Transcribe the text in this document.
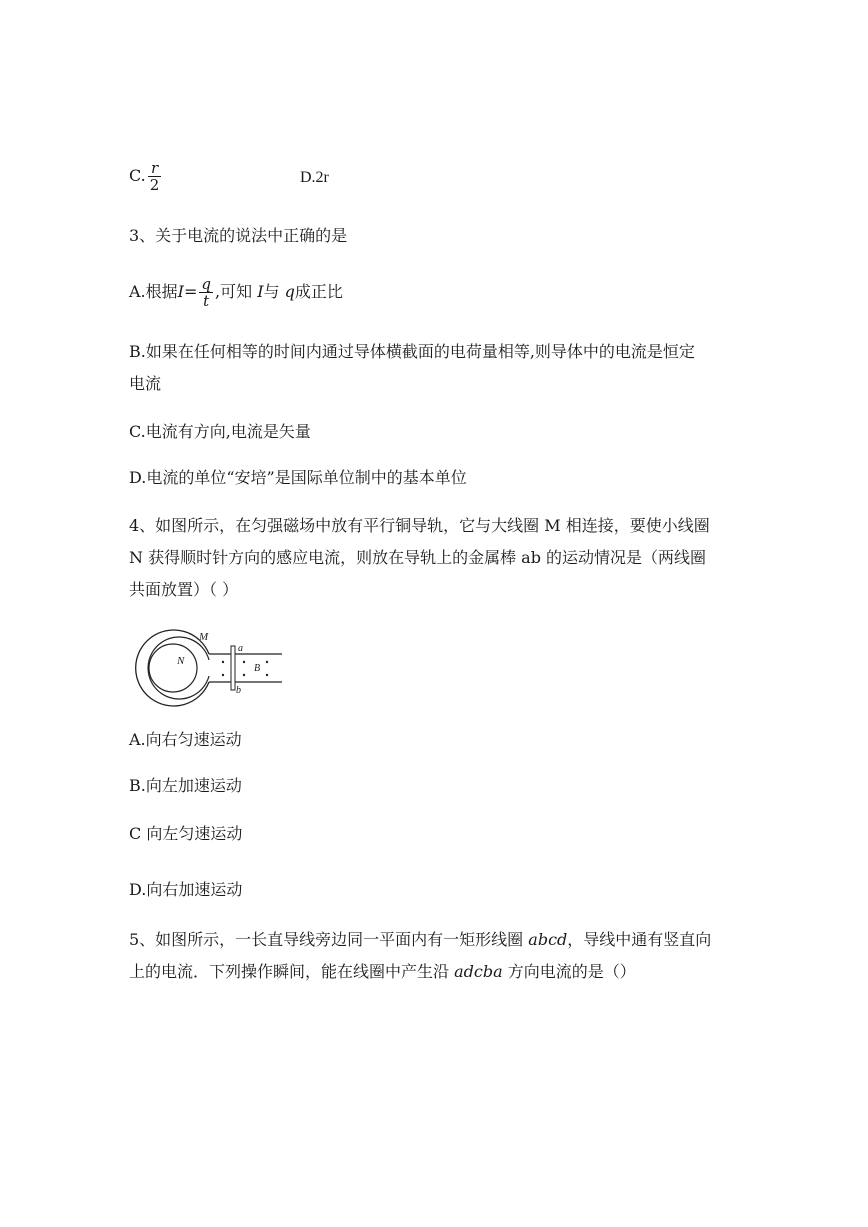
C. $\frac{r}{2}$	D.2r
3、关于电流的说法中正确的是
A.根据$I= \frac{q}{t}$ ,可知 I与 q成正比
B.如果在任何相等的时间内通过导体横截面的电荷量相等,则导体中的电流是恒定
电流
C.电流有方向,电流是矢量
D.电流的单位“安培”是国际单位制中的基本单位
4、如图所示，在匀强磁场中放有平行铜导轨，它与大线圈 M 相连接，要使小线圈
N 获得顺时针方向的感应电流，则放在导轨上的金属棒 ab 的运动情况是（两线圈
共面放置）（ ）
M
N
a
b
B
A.向右匀速运动
B.向左加速运动
C 向左匀速运动
D.向右加速运动
5、如图所示，一长直导线旁边同一平面内有一矩形线圈 abcd，导线中通有竖直向
上的电流．下列操作瞬间，能在线圈中产生沿 adcba 方向电流的是（）
